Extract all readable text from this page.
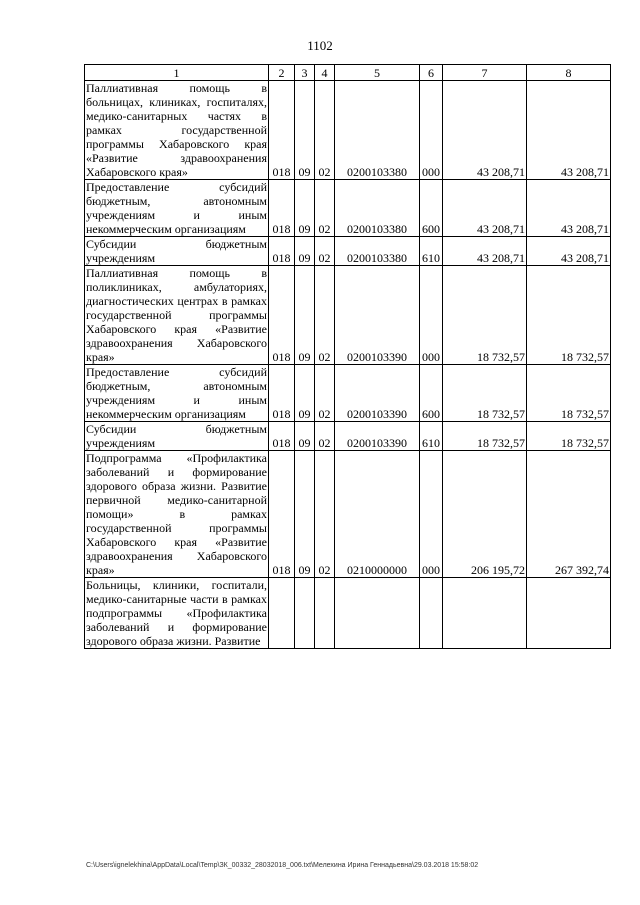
1102
1	2	3	4	5	6	7	8
Паллиативная помощь в больницах, клиниках, госпиталях, медико-санитарных частях в рамках государственной программы Хабаровского края «Развитие здравоохранения Хабаровского края»	018	09	02	0200103380	000	43 208,71	43 208,71
Предоставление субсидий бюджетным, автономным учреждениям и иным некоммерческим организациям	018	09	02	0200103380	600	43 208,71	43 208,71
Субсидии бюджетным учреждениям	018	09	02	0200103380	610	43 208,71	43 208,71
Паллиативная помощь в поликлиниках, амбулаториях, диагностических центрах в рамках государственной программы Хабаровского края «Развитие здравоохранения Хабаровского края»	018	09	02	0200103390	000	18 732,57	18 732,57
Предоставление субсидий бюджетным, автономным учреждениям и иным некоммерческим организациям	018	09	02	0200103390	600	18 732,57	18 732,57
Субсидии бюджетным учреждениям	018	09	02	0200103390	610	18 732,57	18 732,57
Подпрограмма «Профилактика заболеваний и формирование здорового образа жизни. Развитие первичной медико-санитарной помощи» в рамках государственной программы Хабаровского края «Развитие здравоохранения Хабаровского края»	018	09	02	0210000000	000	206 195,72	267 392,74
Больницы, клиники, госпитали, медико-санитарные части в рамках подпрограммы «Профилактика заболеваний и формирование здорового образа жизни. Развитие							
C:\Users\ignelekhina\AppData\Local\Temp\ЗК_00332_28032018_006.txt\Мелехина Ирина Геннадьевна\29.03.2018 15:58:02
